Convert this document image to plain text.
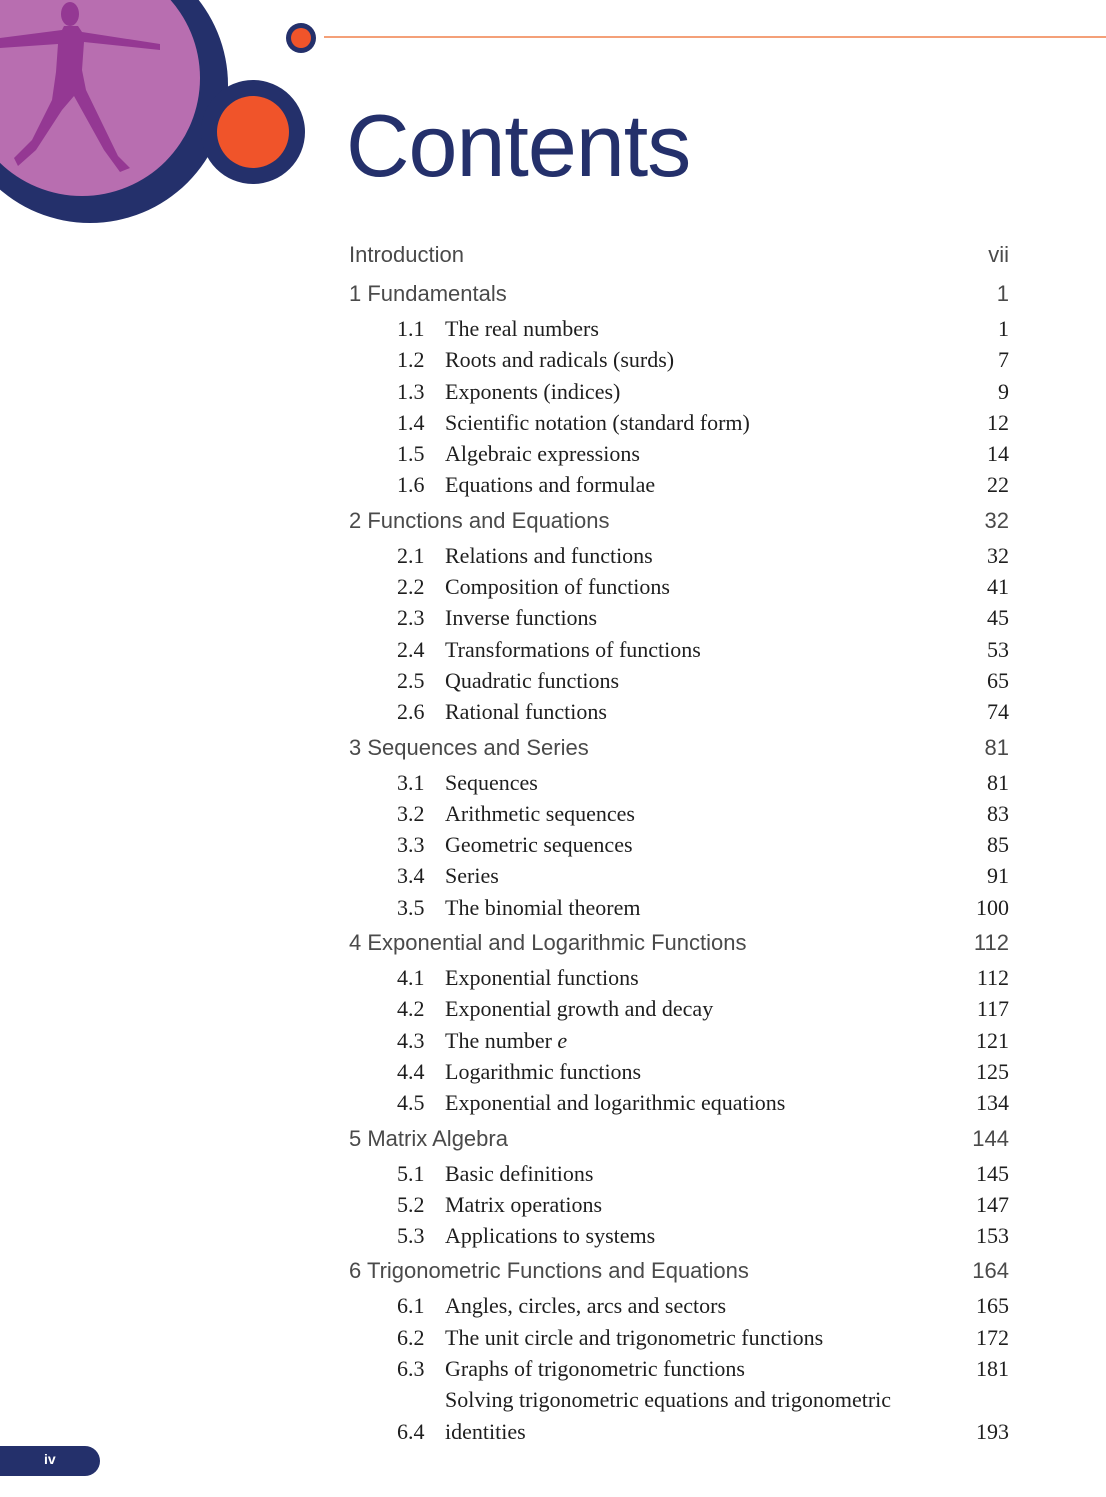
Contents
Introduction	vii
1 Fundamentals	1
1.1 The real numbers	1
1.2 Roots and radicals (surds)	7
1.3 Exponents (indices)	9
1.4 Scientific notation (standard form)	12
1.5 Algebraic expressions	14
1.6 Equations and formulae	22
2 Functions and Equations	32
2.1 Relations and functions	32
2.2 Composition of functions	41
2.3 Inverse functions	45
2.4 Transformations of functions	53
2.5 Quadratic functions	65
2.6 Rational functions	74
3 Sequences and Series	81
3.1 Sequences	81
3.2 Arithmetic sequences	83
3.3 Geometric sequences	85
3.4 Series	91
3.5 The binomial theorem	100
4 Exponential and Logarithmic Functions	112
4.1 Exponential functions	112
4.2 Exponential growth and decay	117
4.3 The number e	121
4.4 Logarithmic functions	125
4.5 Exponential and logarithmic equations	134
5 Matrix Algebra	144
5.1 Basic definitions	145
5.2 Matrix operations	147
5.3 Applications to systems	153
6 Trigonometric Functions and Equations	164
6.1 Angles, circles, arcs and sectors	165
6.2 The unit circle and trigonometric functions	172
6.3 Graphs of trigonometric functions	181
6.4
Solving trigonometric equations and trigonometric identities	193
iv
